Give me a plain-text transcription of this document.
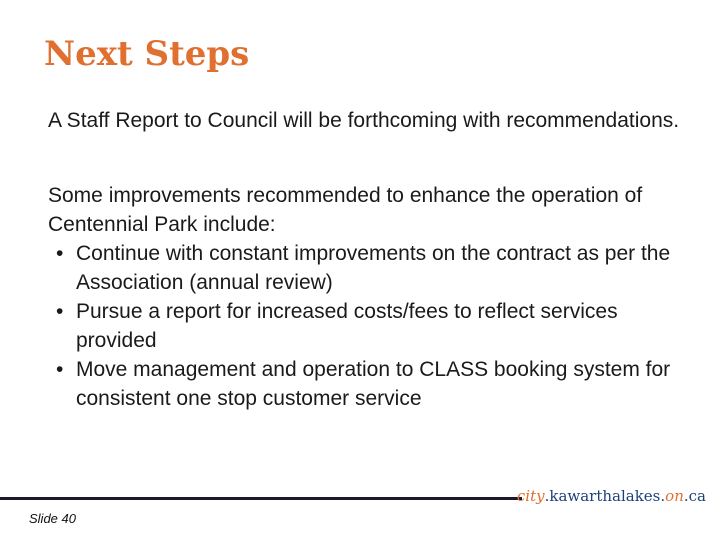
Next Steps

A Staff Report to Council will be forthcoming with recommendations.

Some improvements recommended to enhance the operation of Centennial Park include:

• Continue with constant improvements on the contract as per the Association (annual review)
• Pursue a report for increased costs/fees to reflect services provided
• Move management and operation to CLASS booking system for consistent one stop customer service
city.kawarthalakes.on.ca
Slide 40
